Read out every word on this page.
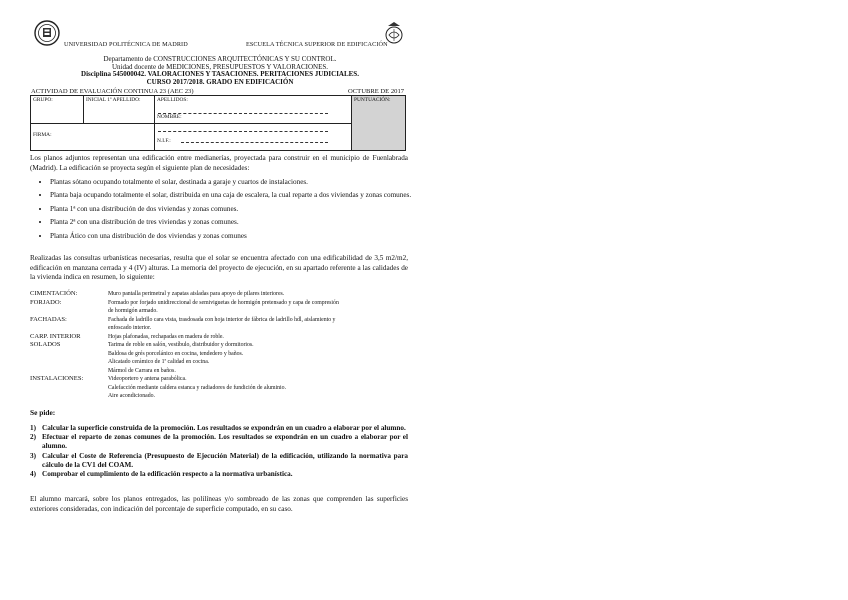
UNIVERSIDAD POLITÉCNICA DE MADRID	ESCUELA TÉCNICA SUPERIOR DE EDIFICACIÓN
Departamento de CONSTRUCCIONES ARQUITECTÓNICAS Y SU CONTROL.
Unidad docente de MEDICIONES, PRESUPUESTOS Y VALORACIONES.
Disciplina 545000042. VALORACIONES Y TASACIONES. PERITACIONES JUDICIALES.
CURSO 2017/2018. GRADO EN EDIFICACIÓN
ACTIVIDAD DE EVALUACIÓN CONTINUA 23 (AEC 23)	OCTUBRE DE 2017
GRUPO:	INICIAL 1º APELLIDO:	APELLIDOS:	PUNTUACIÓN:

FIRMA:		NOMBRE:
N.I.F.:	
Los planos adjuntos representan una edificación entre medianerías, proyectada para construir en el municipio de Fuenlabrada (Madrid). La edificación se proyecta según el siguiente plan de necesidades:
• Plantas sótano ocupando totalmente el solar, destinada a garaje y cuartos de instalaciones.
• Planta baja ocupando totalmente el solar, distribuida en una caja de escalera, la cual reparte a dos viviendas y zonas comunes.
• Planta 1ª con una distribución de dos viviendas y zonas comunes.
• Planta 2ª con una distribución de tres viviendas y zonas comunes.
• Planta Ático con una distribución de dos viviendas y zonas comunes
Realizadas las consultas urbanísticas necesarias, resulta que el solar se encuentra afectado con una edificabilidad de 3,5 m2/m2, edificación en manzana cerrada y 4 (IV) alturas. La memoria del proyecto de ejecución, en su apartado referente a las calidades de la vivienda indica en resumen, lo siguiente:
CIMENTACIÓN:	Muro pantalla perimetral y zapatas aisladas para apoyo de pilares interiores.
FORJADO:	Formado por forjado unidireccional de semiviguetas de hormigón pretensado y capa de compresión
de hormigón armado.
FACHADAS:	Fachada de ladrillo cara vista, trasdosada con hoja interior de fábrica de ladrillo hdl, aislamiento y
enfoscado interior.
CARP. INTERIOR	Hojas plafonadas, rechapadas en madera de roble.
SOLADOS	Tarima de roble en salón, vestíbulo, distribuidor y dormitorios.
Baldosa de grés porcelánico en cocina, tendedero y baños.
Alicatado cerámico de 1ª calidad en cocina.
Mármol de Carrara en baños.
INSTALACIONES:	Videoportero y antena parabólica.
Calefacción mediante caldera estanca y radiadores de fundición de aluminio.
Aire acondicionado.
Se pide:
1) Calcular la superficie construida de la promoción. Los resultados se expondrán en un cuadro a elaborar por el alumno.
2) Efectuar el reparto de zonas comunes de la promoción. Los resultados se expondrán en un cuadro a elaborar por el alumno.
3) Calcular el Coste de Referencia (Presupuesto de Ejecución Material) de la edificación, utilizando la normativa para cálculo de la CV1 del COAM.
4) Comprobar el cumplimiento de la edificación respecto a la normativa urbanística.
El alumno marcará, sobre los planos entregados, las polilíneas y/o sombreado de las zonas que comprenden las superficies exteriores consideradas, con indicación del porcentaje de superficie computado, en su caso.
